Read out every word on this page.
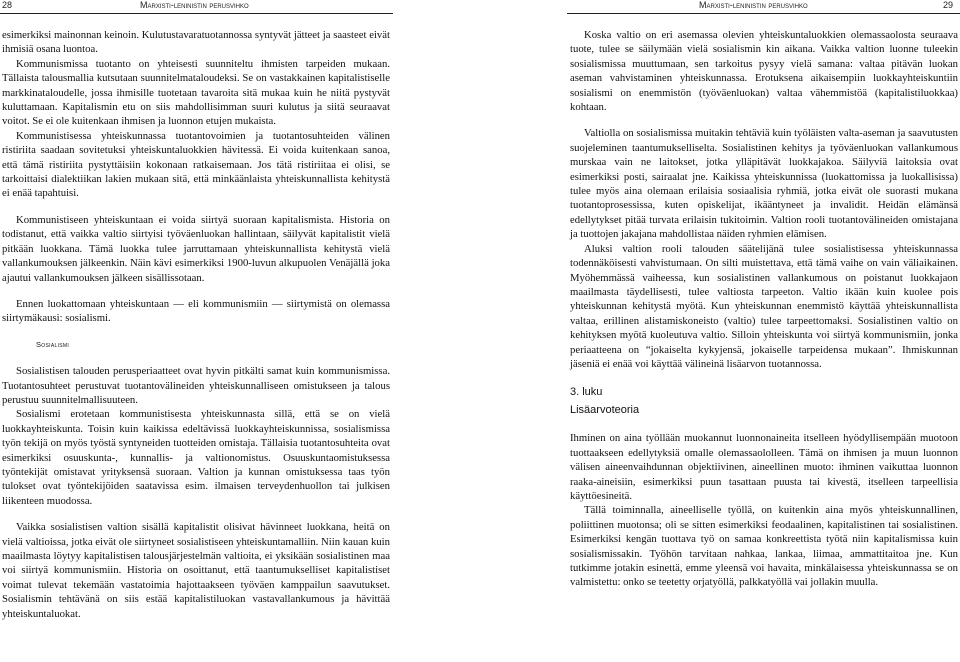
28	Marxisti-leninistin perusvihko	Marxisti-leninistin perusvihko	29

esimerkiksi mainonnan keinoin. Kulutustavaratuotannossa syntyvät jätteet ja saasteet eivät ihmisiä osana luontoa.

Kommunismissa tuotanto on yhteisesti suunniteltu ihmisten tarpeiden mukaan. Tällaista talousmallia kutsutaan suunnitelmataloudeksi. Se on vastakkainen kapitalistiselle markkinataloudelle, jossa ihmisille tuotetaan tavaroita sitä mukaa kuin he niitä pystyvät kuluttamaan. Kapitalismin etu on siis mahdollisimman suuri kulutus ja siitä seuraavat voitot. Se ei ole kuitenkaan ihmisen ja luonnon etujen mukaista.

Kommunistisessa yhteiskunnassa tuotantovoimien ja tuotantosuhteiden välinen ristiriita saadaan sovitetuksi yhteiskuntaluokkien hävitessä. Ei voida kuitenkaan sanoa, että tämä ristiriita pystyttäisiin kokonaan ratkaisemaan. Jos tätä ristiriitaa ei olisi, se tarkoittaisi dialektiikan lakien mukaan sitä, että minkäänlaista yhteiskunnallista kehitystä ei enää tapahtuisi.

Kommunistiseen yhteiskuntaan ei voida siirtyä suoraan kapitalismista. Historia on todistanut, että vaikka valtio siirtyisi työväenluokan hallintaan, säilyvät kapitalistit vielä pitkään luokkana. Tämä luokka tulee jarruttamaan yhteiskunnallista kehitystä vielä vallankumouksen jälkeenkin. Näin kävi esimerkiksi 1900-luvun alkupuolen Venäjällä joka ajautui vallankumouksen jälkeen sisällissotaan.

Ennen luokattomaan yhteiskuntaan — eli kommunismiin — siirtymistä on olemassa siirtymäkausi: sosialismi.

Sosialismi

Sosialistisen talouden perusperiaatteet ovat hyvin pitkälti samat kuin kommunismissa. Tuotantosuhteet perustuvat tuotantovälineiden yhteiskunnalliseen omistukseen ja talous perustuu suunnitelmallisuuteen.

Sosialismi erotetaan kommunistisesta yhteiskunnasta sillä, että se on vielä luokkayhteiskunta. Toisin kuin kaikissa edeltävissä luokkayhteiskunnissa, sosialismissa työn tekijä on myös työstä syntyneiden tuotteiden omistaja. Tällaisia tuotantosuhteita ovat esimerkiksi osuuskunta-, kunnallis- ja valtionomistus. Osuuskuntaomistuksessa työntekijät omistavat yrityksensä suoraan. Valtion ja kunnan omistuksessa taas työn tulokset ovat työntekijöiden saatavissa esim. ilmaisen terveydenhuollon tai julkisen liikenteen muodossa.

Vaikka sosialistisen valtion sisällä kapitalistit olisivat hävinneet luokkana, heitä on vielä valtioissa, jotka eivät ole siirtyneet sosialistiseen yhteiskuntamalliin. Niin kauan kuin maailmasta löytyy kapitalistisen talousjärjestelmän valtioita, ei yksikään sosialistinen maa voi siirtyä kommunismiin. Historia on osoittanut, että taantumukselliset kapitalistiset voimat tulevat tekemään vastatoimia hajottaakseen työväen kamppailun saavutukset. Sosialismin tehtävänä on siis estää kapitalistiluokan vastavallankumous ja hävittää yhteiskuntaluokat.

Koska valtio on eri asemassa olevien yhteiskuntaluokkien olemassaolosta seuraava tuote, tulee se säilymään vielä sosialismin kin aikana. Vaikka valtion luonne tuleekin sosialismissa muuttumaan, sen tarkoitus pysyy vielä samana: valtaa pitävän luokan aseman vahvistaminen yhteiskunnassa. Erotuksena aikaisempiin luokkayhteiskuntiin sosialismi on enemmistön (työväenluokan) valtaa vähemmistöä (kapitalistiluokkaa) kohtaan.

Valtiolla on sosialismissa muitakin tehtäviä kuin työläisten valta-aseman ja saavutusten suojeleminen taantumukselliselta. Sosialistinen kehitys ja työväenluokan vallankumous murskaa vain ne laitokset, jotka ylläpitävät luokkajakoa. Säilyviä laitoksia ovat esimerkiksi posti, sairaalat jne. Kaikissa yhteiskunnissa (luokattomissa ja luokallisissa) tulee myös aina olemaan erilaisia sosiaalisia ryhmiä, jotka eivät ole suorasti mukana tuotantoprosessissa, kuten opiskelijat, ikääntyneet ja invalidit. Heidän elämänsä edellytykset pitää turvata erilaisin tukitoimin. Valtion rooli tuotantovälineiden omistajana ja tuottojen jakajana mahdollistaa näiden ryhmien elämisen.

Aluksi valtion rooli talouden säätelijänä tulee sosialistisessa yhteiskunnassa todennäköisesti vahvistumaan. On silti muistettava, että tämä vaihe on vain väliaikainen. Myöhemmässä vaiheessa, kun sosialistinen vallankumous on poistanut luokkajaon maailmasta täydellisesti, tulee valtiosta tarpeeton. Valtio ikään kuin kuolee pois yhteiskunnan kehitystä myötä. Kun yhteiskunnan enemmistö käyttää yhteiskunnallista valtaa, erillinen alistamiskoneisto (valtio) tulee tarpeettomaksi. Sosialistinen valtio on kehityksen myötä kuoleutuva valtio. Silloin yhteiskunta voi siirtyä kommunismiin, jonka periaatteena on “jokaiselta kykyjensä, jokaiselle tarpeidensa mukaan”. Ihmiskunnan jäseniä ei enää voi käyttää välineinä lisäarvon tuotannossa.

3. luku

Lisäarvoteoria

Ihminen on aina työllään muokannut luonnonaineita itselleen hyödyllisempään muotoon tuottaakseen edellytyksiä omalle olemassaololleen. Tämä on ihmisen ja muun luonnon välisen aineenvaihdunnan objektiivinen, aineellinen muoto: ihminen vaikuttaa luonnon raaka-aineisiin, esimerkiksi puun tasattaan puusta tai kivestä, itselleen tarpeellisia käyttöesineitä.

Tällä toiminnalla, aineelliselle työllä, on kuitenkin aina myös yhteiskunnallinen, poliittinen muotonsa; oli se sitten esimerkiksi feodaalinen, kapitalistinen tai sosialistinen. Esimerkiksi kengän tuottava työ on samaa konkreettista työtä niin kapitalismissa kuin sosialismissakin. Työhön tarvitaan nahkaa, lankaa, liimaa, ammattitaitoa jne. Kun tutkimme jotakin esinettä, emme yleensä voi havaita, minkälaisessa yhteiskunnassa se on valmistettu: onko se teetetty orjatyöllä, palkkatyöllä vai jollakin muulla.
